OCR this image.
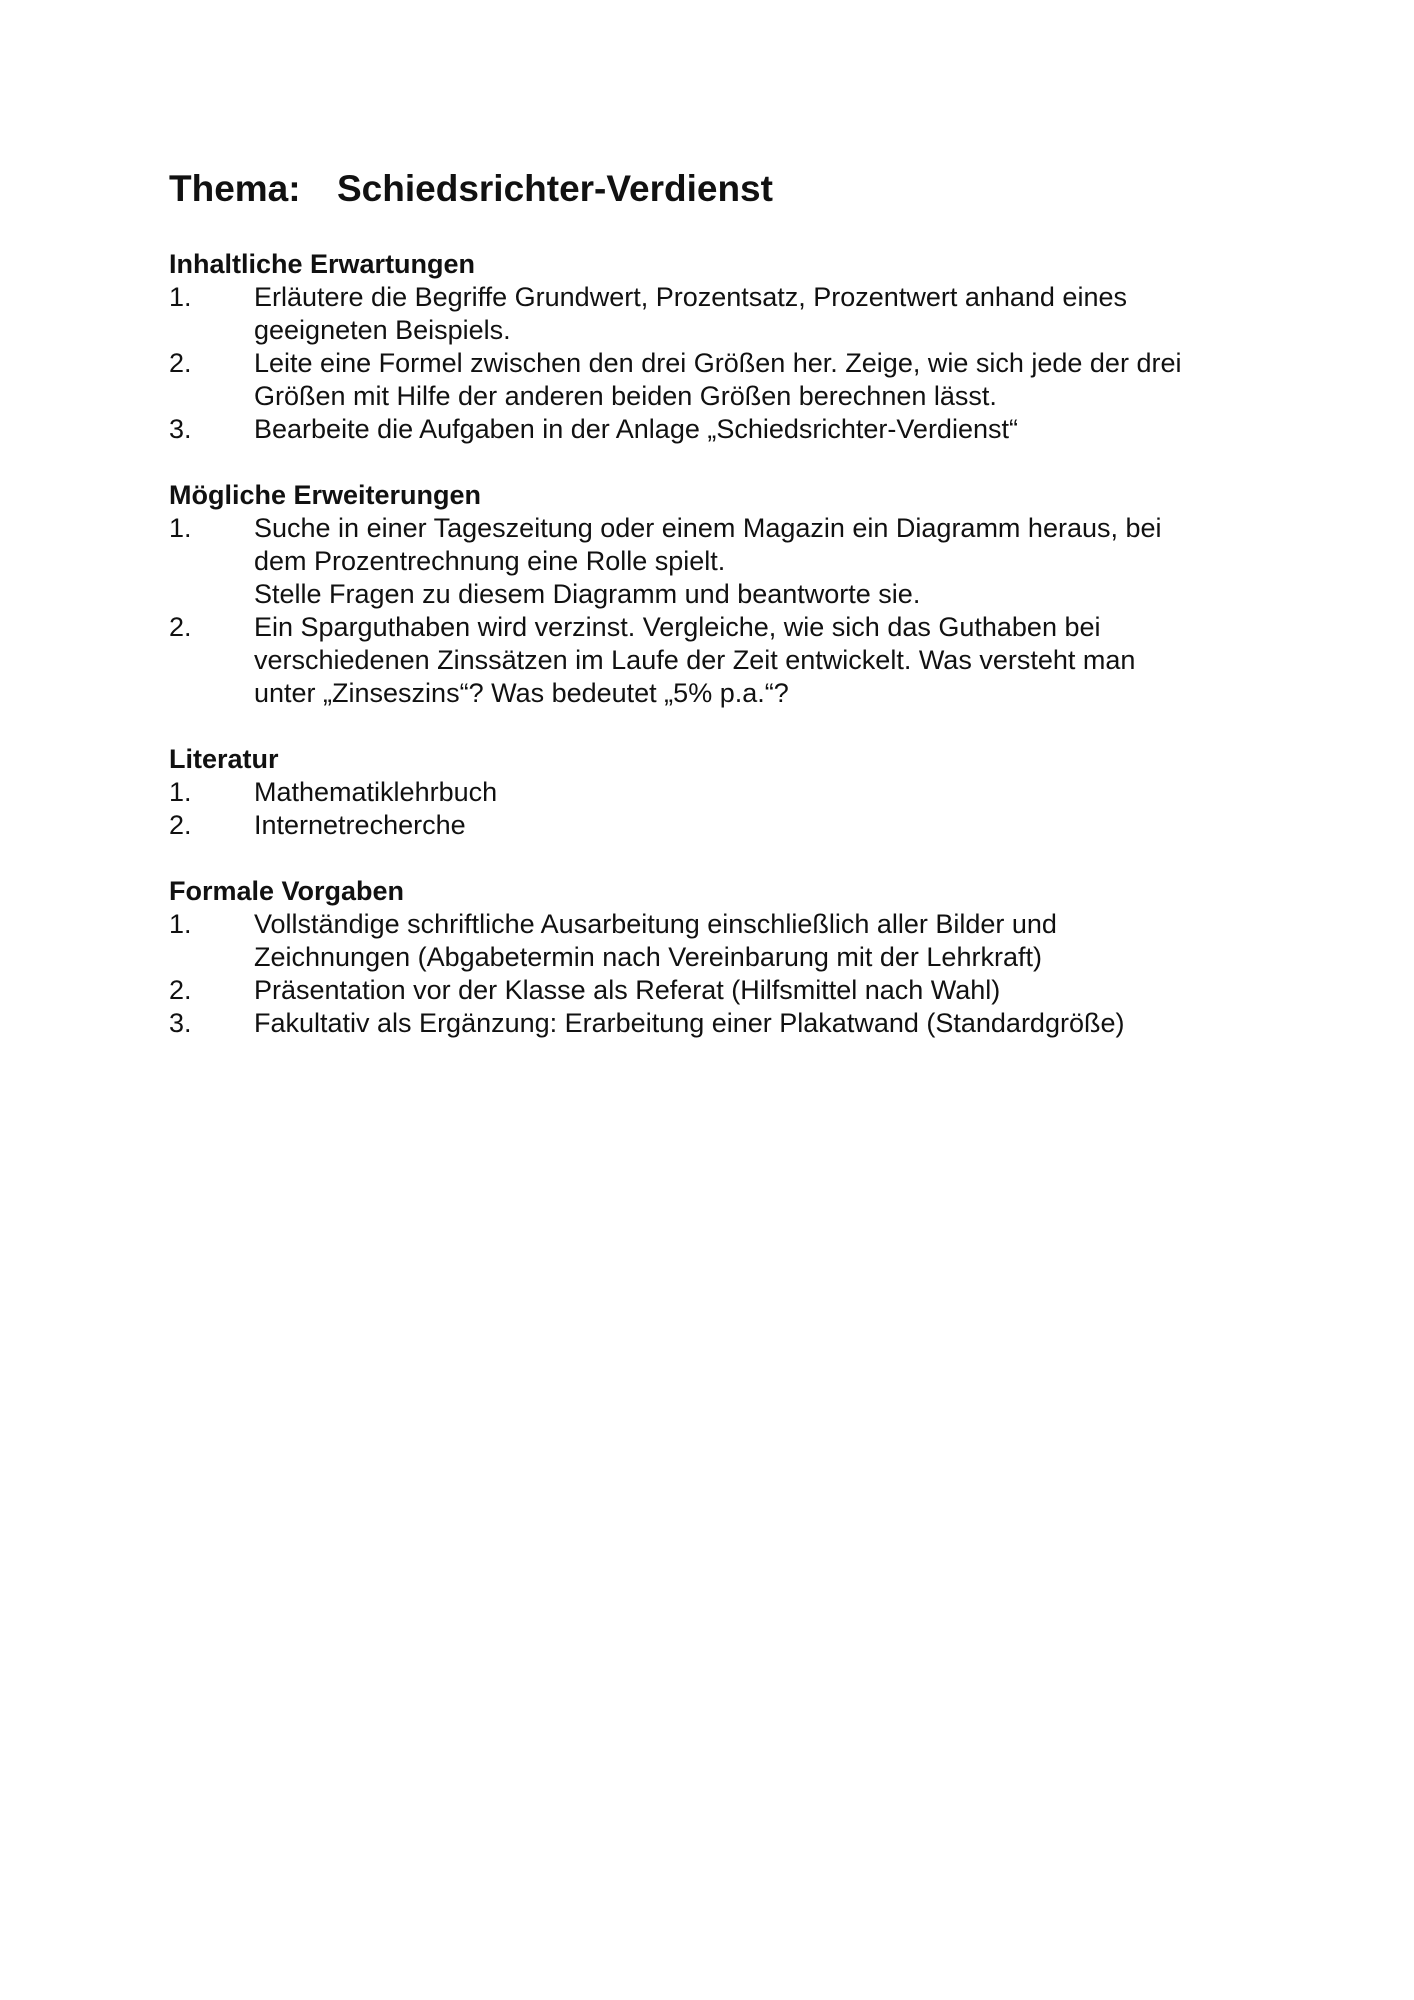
Thema: Schiedsrichter-Verdienst
Inhaltliche Erwartungen
1.	Erläutere die Begriffe Grundwert, Prozentsatz, Prozentwert anhand eines
geeigneten Beispiels.
2.	Leite eine Formel zwischen den drei Größen her. Zeige, wie sich jede der drei
Größen mit Hilfe der anderen beiden Größen berechnen lässt.
3.	Bearbeite die Aufgaben in der Anlage „Schiedsrichter-Verdienst“
Mögliche Erweiterungen
1.	Suche in einer Tageszeitung oder einem Magazin ein Diagramm heraus, bei
dem Prozentrechnung eine Rolle spielt.
Stelle Fragen zu diesem Diagramm und beantworte sie.
2.	Ein Sparguthaben wird verzinst. Vergleiche, wie sich das Guthaben bei
verschiedenen Zinssätzen im Laufe der Zeit entwickelt. Was versteht man
unter „Zinseszins“? Was bedeutet „5% p.a.“?
Literatur
1.	Mathematiklehrbuch
2.	Internetrecherche
Formale Vorgaben
1.	Vollständige schriftliche Ausarbeitung einschließlich aller Bilder und
Zeichnungen (Abgabetermin nach Vereinbarung mit der Lehrkraft)
2.	Präsentation vor der Klasse als Referat (Hilfsmittel nach Wahl)
3.	Fakultativ als Ergänzung: Erarbeitung einer Plakatwand (Standardgröße)
